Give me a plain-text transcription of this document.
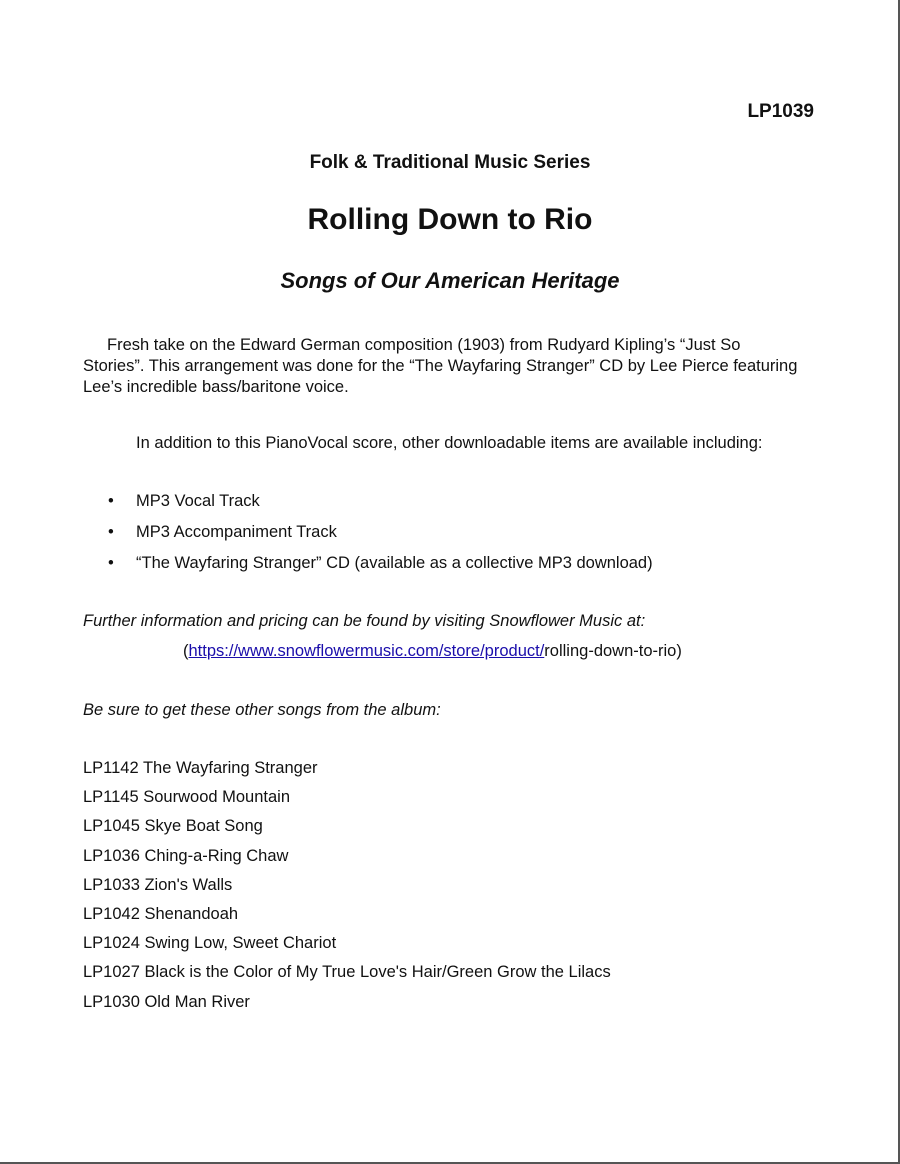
LP1039
Folk & Traditional Music Series
Rolling Down to Rio
Songs of Our American Heritage
Fresh take on the Edward German composition (1903) from Rudyard Kipling’s “Just So Stories”. This arrangement was done for the “The Wayfaring Stranger” CD by Lee Pierce featuring Lee’s incredible bass/baritone voice.
In addition to this PianoVocal score, other downloadable items are available including:
• MP3 Vocal Track
• MP3 Accompaniment Track
• “The Wayfaring Stranger” CD (available as a collective MP3 download)
Further information and pricing can be found by visiting Snowflower Music at:
(https://www.snowflowermusic.com/store/product/rolling-down-to-rio)
Be sure to get these other songs from the album:
LP1142 The Wayfaring Stranger
LP1145 Sourwood Mountain
LP1045 Skye Boat Song
LP1036 Ching-a-Ring Chaw
LP1033 Zion's Walls
LP1042 Shenandoah
LP1024 Swing Low, Sweet Chariot
LP1027 Black is the Color of My True Love's Hair/Green Grow the Lilacs
LP1030 Old Man River
